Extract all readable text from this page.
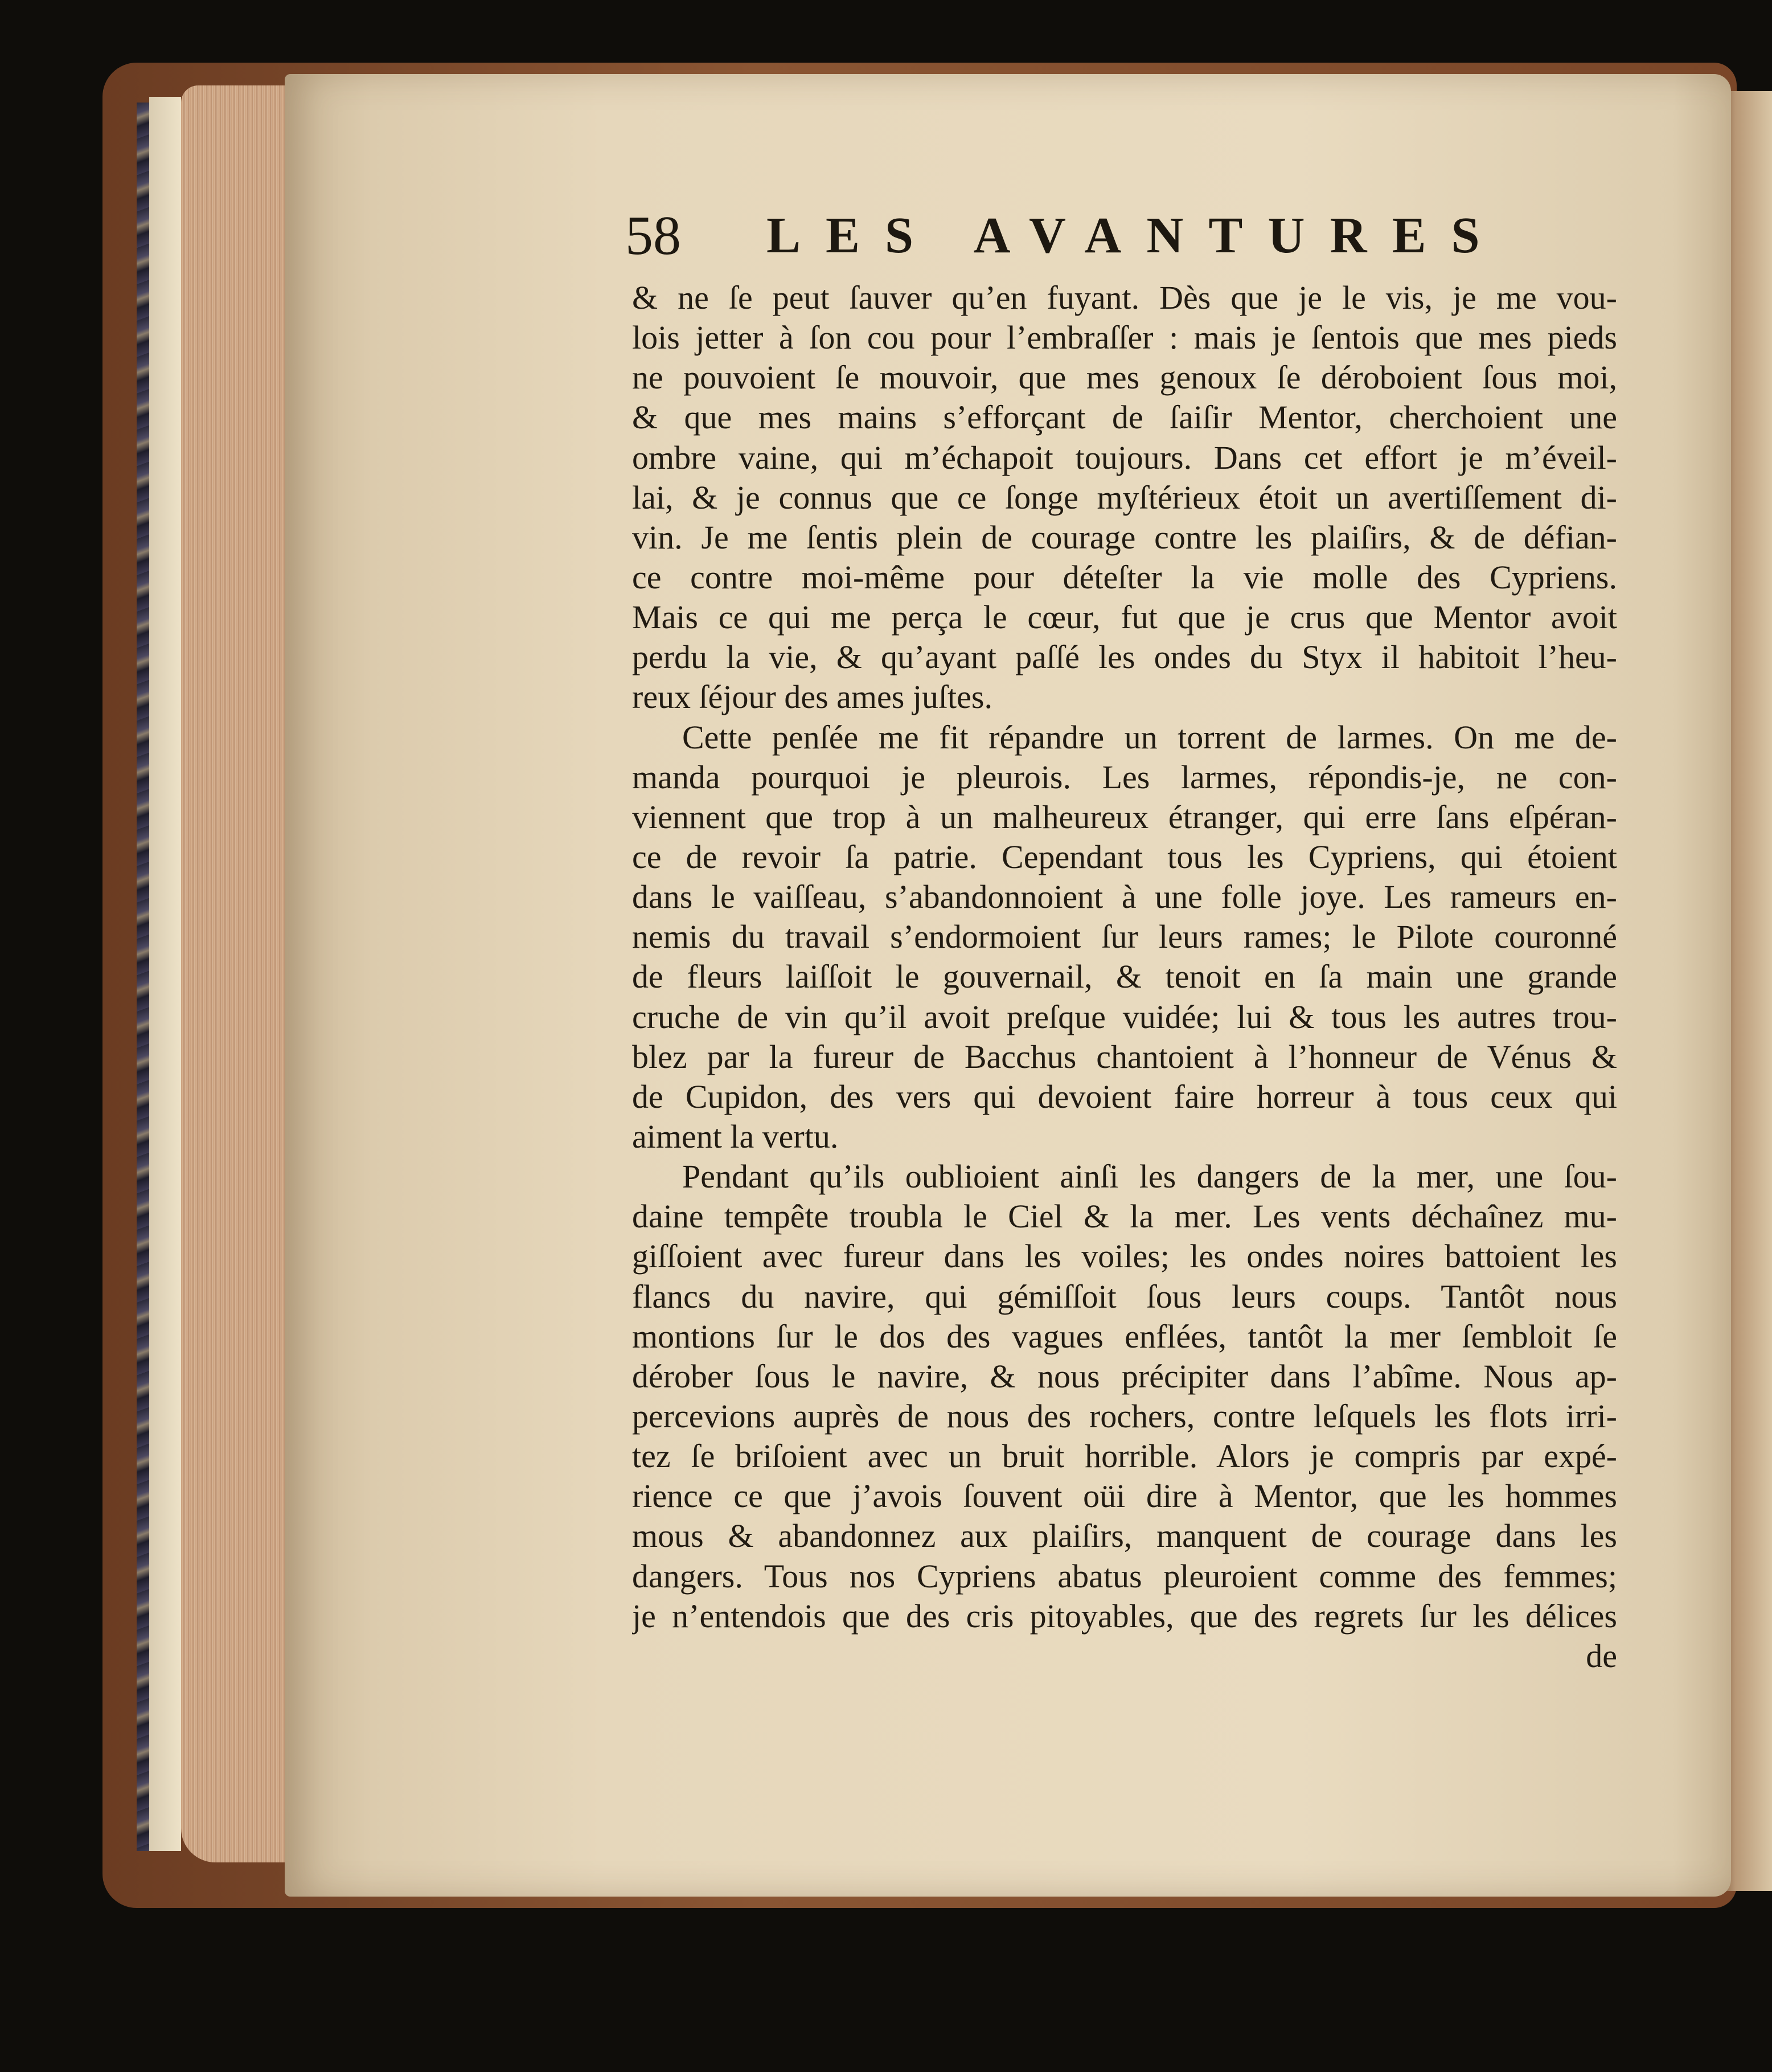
58 LES AVANTURES
& ne ſe peut ſauver qu’en fuyant. Dès que je le vis, je me vou-
lois jetter à ſon cou pour l’embraſſer : mais je ſentois que mes pieds
ne pouvoient ſe mouvoir, que mes genoux ſe déroboient ſous moi,
& que mes mains s’efforçant de ſaiſir Mentor, cherchoient une
ombre vaine, qui m’échapoit toujours. Dans cet effort je m’éveil-
lai, & je connus que ce ſonge myſtérieux étoit un avertiſſement di-
vin. Je me ſentis plein de courage contre les plaiſirs, & de défian-
ce contre moi-même pour déteſter la vie molle des Cypriens.
Mais ce qui me perça le cœur, fut que je crus que Mentor avoit
perdu la vie, & qu’ayant paſſé les ondes du Styx il habitoit l’heu-
reux ſéjour des ames juſtes.
Cette penſée me fit répandre un torrent de larmes. On me de-
manda pourquoi je pleurois. Les larmes, répondis-je, ne con-
viennent que trop à un malheureux étranger, qui erre ſans eſpéran-
ce de revoir ſa patrie. Cependant tous les Cypriens, qui étoient
dans le vaiſſeau, s’abandonnoient à une folle joye. Les rameurs en-
nemis du travail s’endormoient ſur leurs rames; le Pilote couronné
de fleurs laiſſoit le gouvernail, & tenoit en ſa main une grande
cruche de vin qu’il avoit preſque vuidée; lui & tous les autres trou-
blez par la fureur de Bacchus chantoient à l’honneur de Vénus &
de Cupidon, des vers qui devoient faire horreur à tous ceux qui
aiment la vertu.
Pendant qu’ils oublioient ainſi les dangers de la mer, une ſou-
daine tempête troubla le Ciel & la mer. Les vents déchaînez mu-
giſſoient avec fureur dans les voiles; les ondes noires battoient les
flancs du navire, qui gémiſſoit ſous leurs coups. Tantôt nous
montions ſur le dos des vagues enflées, tantôt la mer ſembloit ſe
dérober ſous le navire, & nous précipiter dans l’abîme. Nous ap-
percevions auprès de nous des rochers, contre leſquels les flots irri-
tez ſe briſoient avec un bruit horrible. Alors je compris par expé-
rience ce que j’avois ſouvent oüi dire à Mentor, que les hommes
mous & abandonnez aux plaiſirs, manquent de courage dans les
dangers. Tous nos Cypriens abatus pleuroient comme des femmes;
je n’entendois que des cris pitoyables, que des regrets ſur les délices
de
